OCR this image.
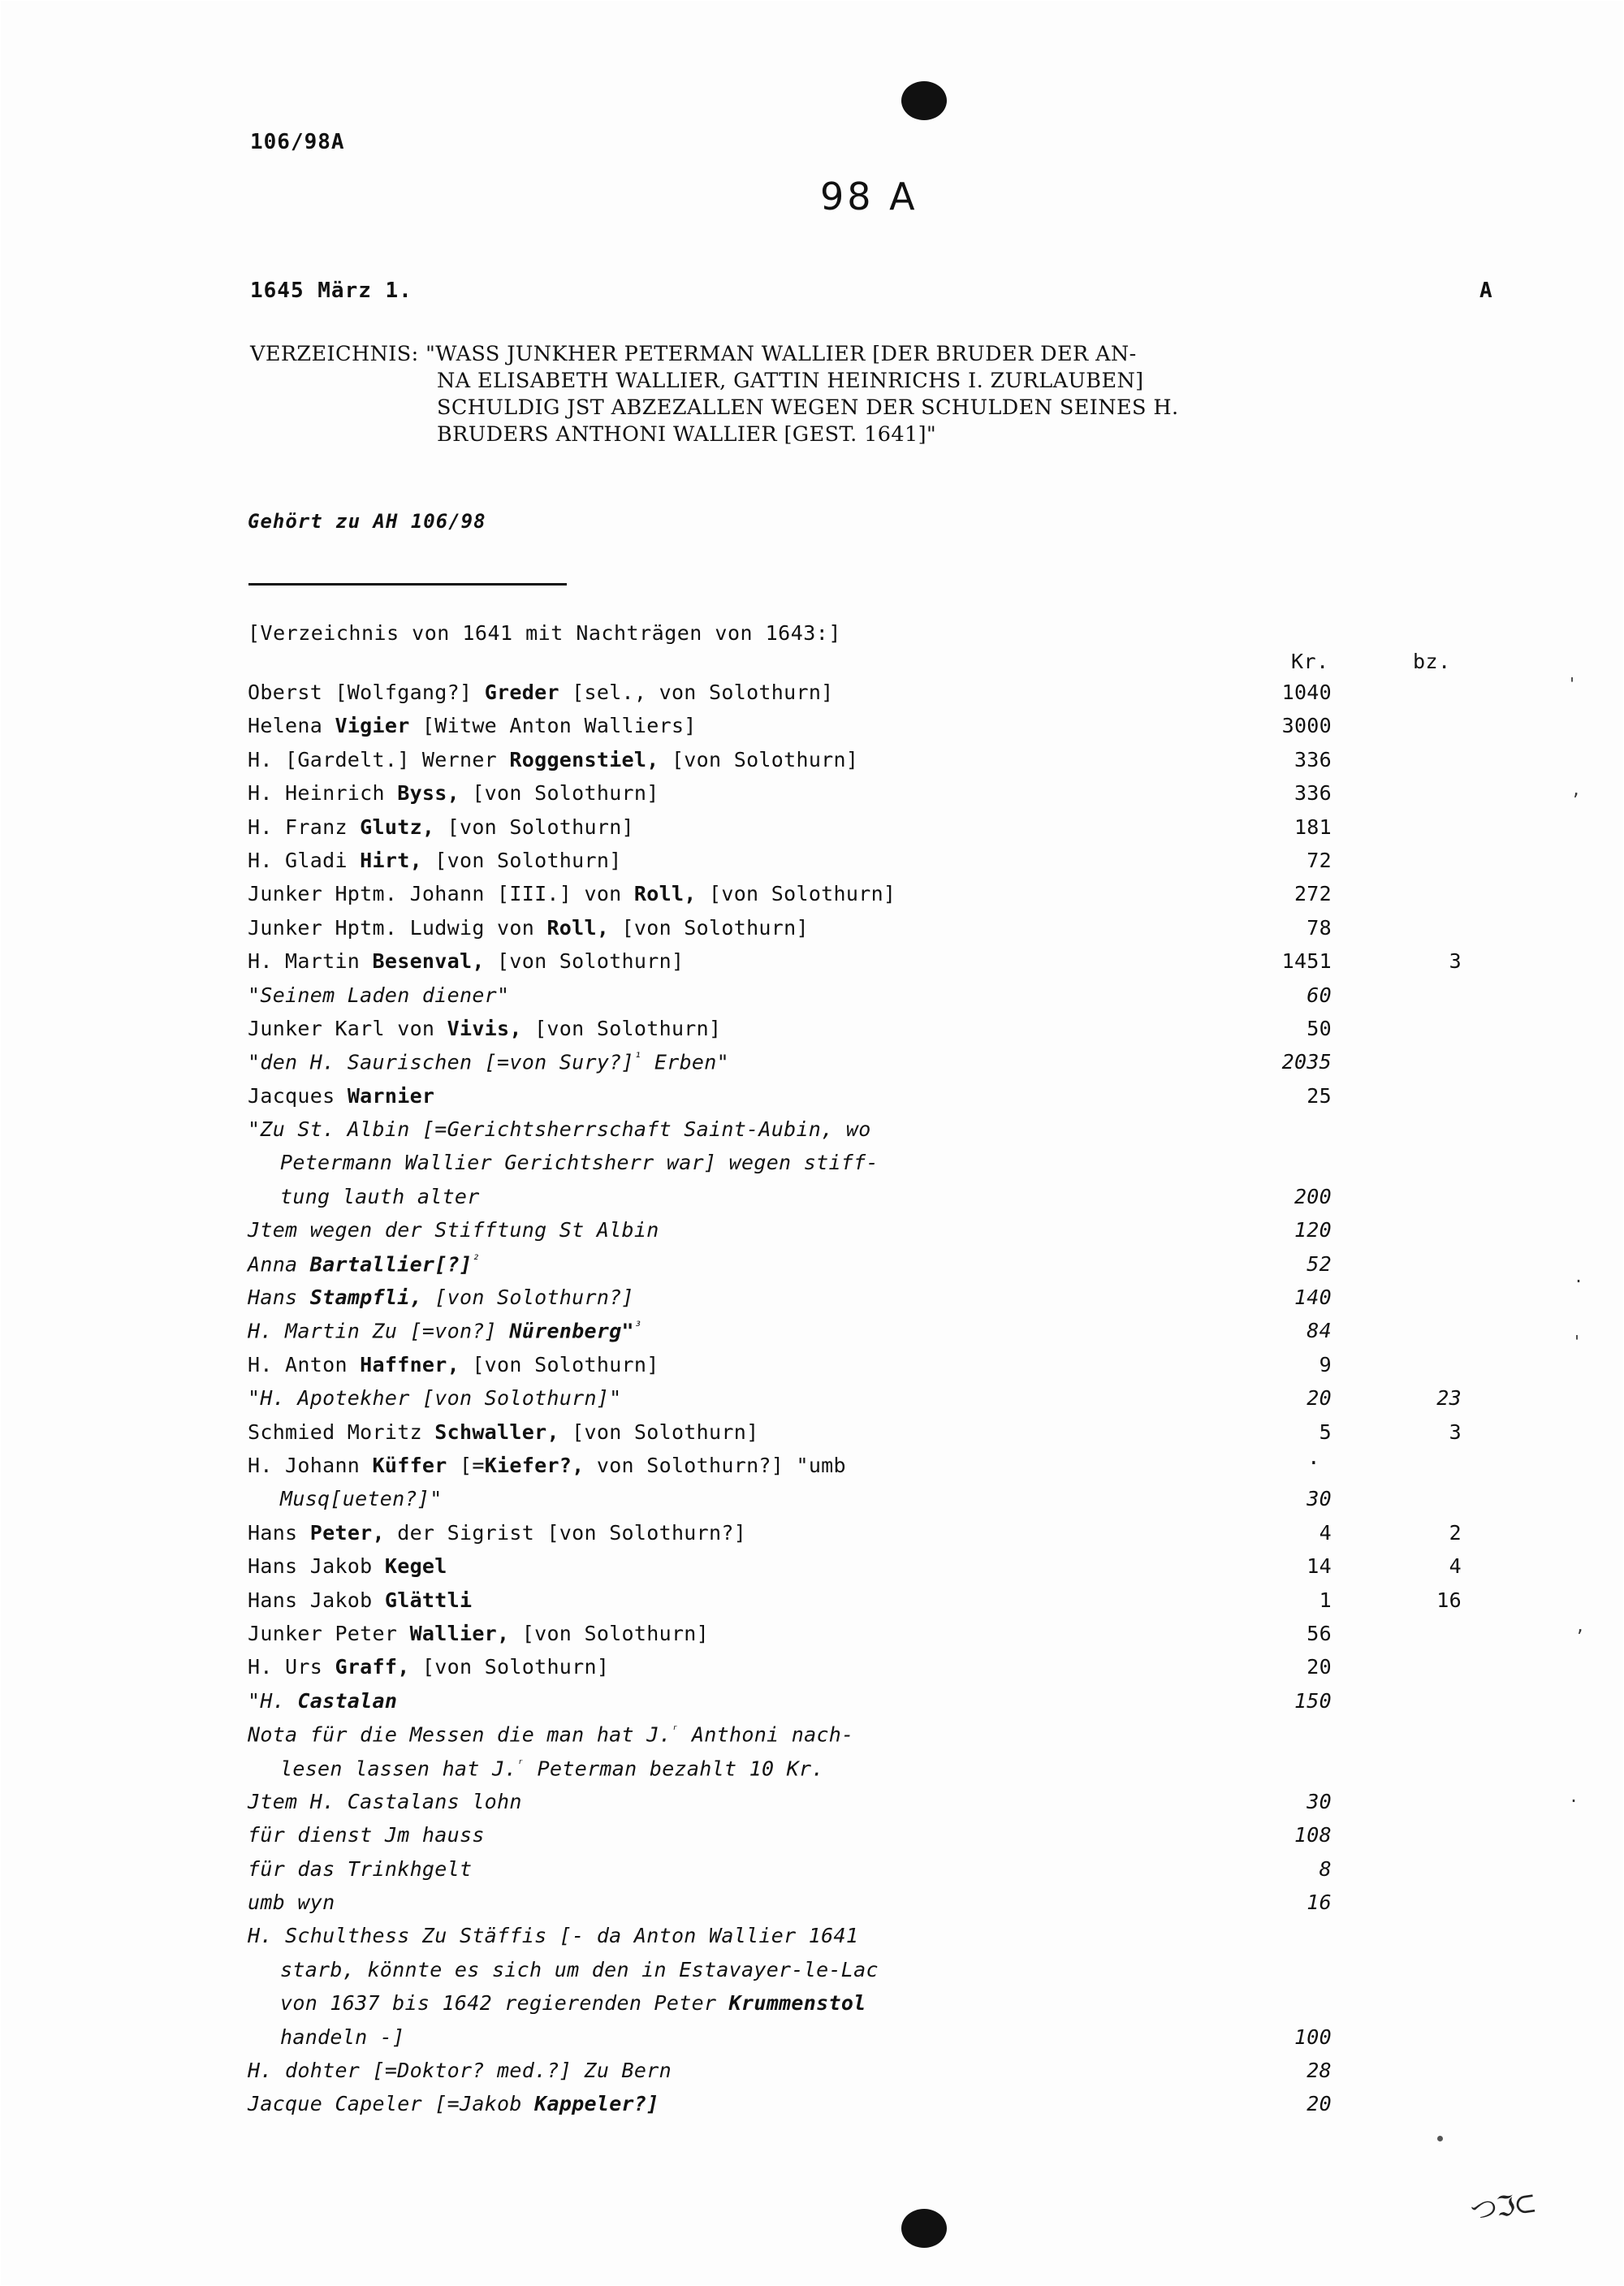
106/98A
98 A
1645 März 1.	A
VERZEICHNIS: "WASS JUNKHER PETERMAN WALLIER [DER BRUDER DER AN-
NA ELISABETH WALLIER, GATTIN HEINRICHS I. ZURLAUBEN]
SCHULDIG JST ABZEZALLEN WEGEN DER SCHULDEN SEINES H.
BRUDERS ANTHONI WALLIER [GEST. 1641]"
Gehört zu AH 106/98
[Verzeichnis von 1641 mit Nachträgen von 1643:]
Kr.	bz.
Oberst [Wolfgang?] Greder [sel., von Solothurn]	1040
Helena Vigier [Witwe Anton Walliers]	3000
H. [Gardelt.] Werner Roggenstiel, [von Solothurn]	336
H. Heinrich Byss, [von Solothurn]	336
H. Franz Glutz, [von Solothurn]	181
H. Gladi Hirt, [von Solothurn]	72
Junker Hptm. Johann [III.] von Roll, [von Solothurn]	272
Junker Hptm. Ludwig von Roll, [von Solothurn]	78
H. Martin Besenval, [von Solothurn]	1451	3
"Seinem Laden diener"	60
Junker Karl von Vivis, [von Solothurn]	50
"den H. Saurischen [=von Sury?]$^{^1}$ Erben"	2035
Jacques Warnier	25
"Zu St. Albin [=Gerichtsherrschaft Saint-Aubin, wo
Petermann Wallier Gerichtsherr war] wegen stiff-
tung lauth alter	200
Jtem wegen der Stifftung St Albin	120
Anna Bartallier[?]$^{^2}$	52
Hans Stampfli, [von Solothurn?]	140
H. Martin Zu [=von?] Nürenberg"$^{^3}$	84
H. Anton Haffner, [von Solothurn]	9
"H. Apotekher [von Solothurn]"	20	23
Schmied Moritz Schwaller, [von Solothurn]	5	3
H. Johann Küffer [=Kiefer?, von Solothurn?] "umb
Musq[ueten?]"	30
Hans Peter, der Sigrist [von Solothurn?]	4	2
Hans Jakob Kegel	14	4
Hans Jakob Glättli	1	16
Junker Peter Wallier, [von Solothurn]	56
H. Urs Graff, [von Solothurn]	20
"H. Castalan	150
Nota für die Messen die man hat J.$^ʳ$ Anthoni nach-
lesen lassen hat J.$^ʳ$ Peterman bezahlt 10 Kr.
Jtem H. Castalans lohn	30
für dienst Jm hauss	108
für das Trinkhgelt	8
umb wyn	16
H. Schulthess Zu Stäffis [- da Anton Wallier 1641
starb, könnte es sich um den in Estavayer-le-Lac
von 1637 bis 1642 regierenden Peter Krummenstol
handeln -]	100
H. dohter [=Doktor? med.?] Zu Bern	28
Jacque Capeler [=Jakob Kappeler?]	20
.
'
,
.
'
,
.
つℑ⊂
